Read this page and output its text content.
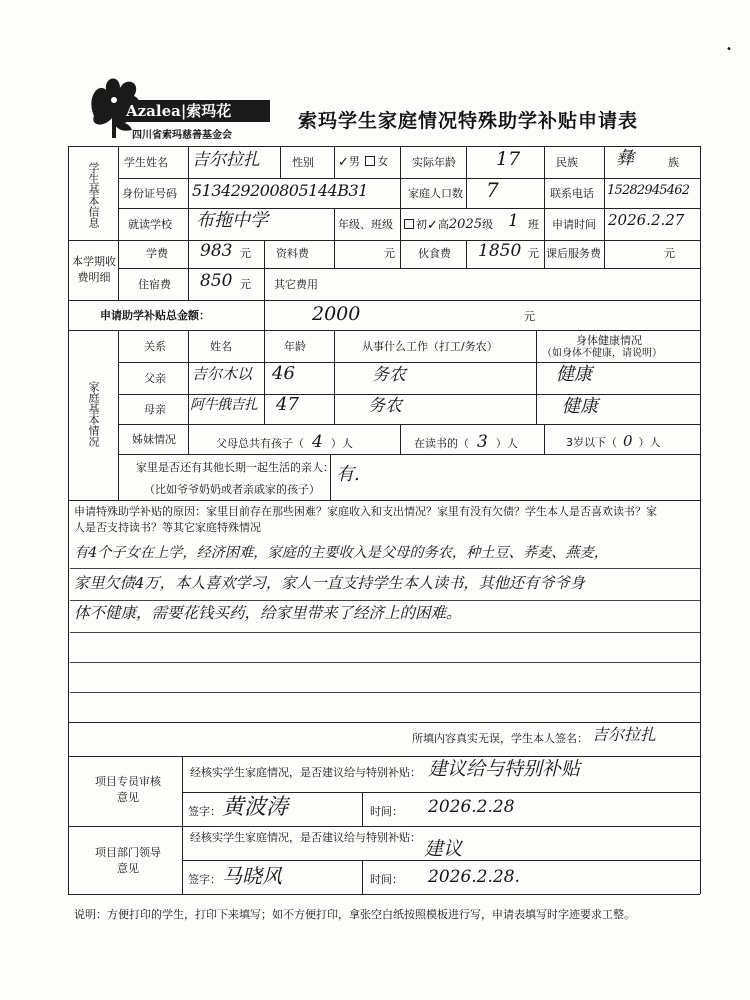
Azalea|索玛花
四川省索玛慈善基金会
索玛学生家庭情况特殊助学补贴申请表
•
学生基本信息 学生姓名 吉尔拉扎	性别 ✓男 女 实际年龄 17	民族 彝	族
身份证号码 513429200805144B31	家庭人口数 7	联系电话 15282945462
就读学校 布拖中学	年级、班级	初✓高2025级 1 班 申请时间 2026.2.27
本学期收费明细
学费 983 元 资料费	元 伙食费 1850 元 课后服务费	元
住宿费 850 元 其它费用
申请助学补贴总金额：	2000	元
家庭基本情况
关系	姓名	年龄	从事什么工作（打工/务农）	身体健康情况
（如身体不健康，请说明）
父亲 吉尔木以 46	务农	健康
母亲 阿牛俄吉扎 47	务农	健康
姊妹情况	父母总共有孩子（ 4 ）人	在读书的（ 3 ）人	3岁以下（ 0 ）人
家里是否还有其他长期一起生活的亲人：
（比如爷爷奶奶或者亲戚家的孩子）
有.
申请特殊助学补贴的原因：家里目前存在那些困难？家庭收入和支出情况？家里有没有欠债？学生本人是否喜欢读书？家
人是否支持读书？等其它家庭特殊情况
有4个子女在上学，经济困难，家庭的主要收入是父母的务农，种土豆、荞麦、燕麦，
家里欠债4万，本人喜欢学习，家人一直支持学生本人读书，其他还有爷爷身
体不健康，需要花钱买药，给家里带来了经济上的困难。
所填内容真实无误，学生本人签名： 吉尔拉扎
项目专员审核意见
经核实学生家庭情况，是否建议给与特别补贴： 建议给与特别补贴
签字： 黄波涛	时间： 2026.2.28
项目部门领导意见
经核实学生家庭情况，是否建议给与特别补贴：
建议
签字： 马晓风	时间： 2026.2.28.
说明：方便打印的学生，打印下来填写；如不方便打印，拿张空白纸按照模板进行写，申请表填写时字迹要求工整。
